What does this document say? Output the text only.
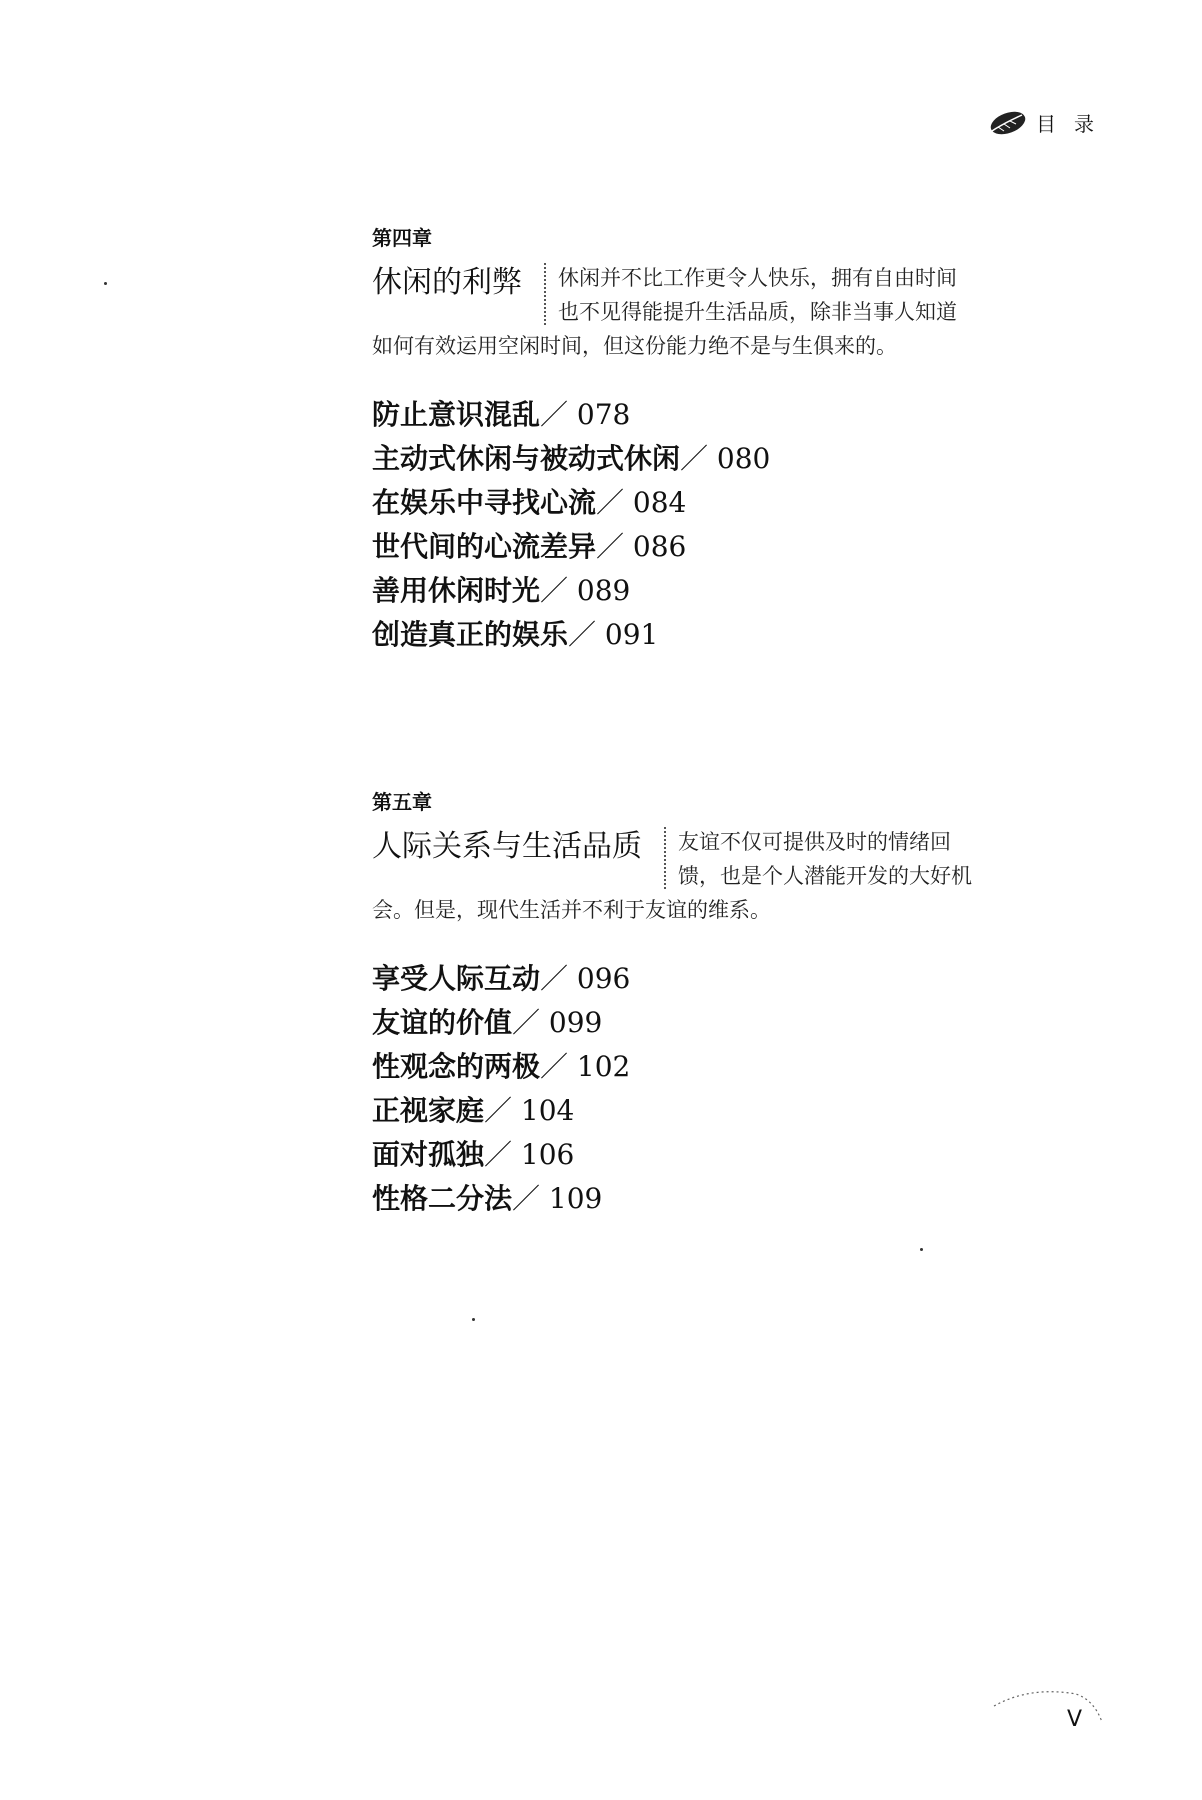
目录
第四章
休闲的利弊	休闲并不比工作更令人快乐，拥有自由时间也不见得能提升生活品质，除非当事人知道如何有效运用空闲时间，但这份能力绝不是与生俱来的。
防止意识混乱／ 078
主动式休闲与被动式休闲／ 080
在娱乐中寻找心流／ 084
世代间的心流差异／ 086
善用休闲时光／ 089
创造真正的娱乐／ 091
第五章
人际关系与生活品质	友谊不仅可提供及时的情绪回馈，也是个人潜能开发的大好机会。但是，现代生活并不利于友谊的维系。
享受人际互动／ 096
友谊的价值／ 099
性观念的两极／ 102
正视家庭／ 104
面对孤独／ 106
性格二分法／ 109
V
